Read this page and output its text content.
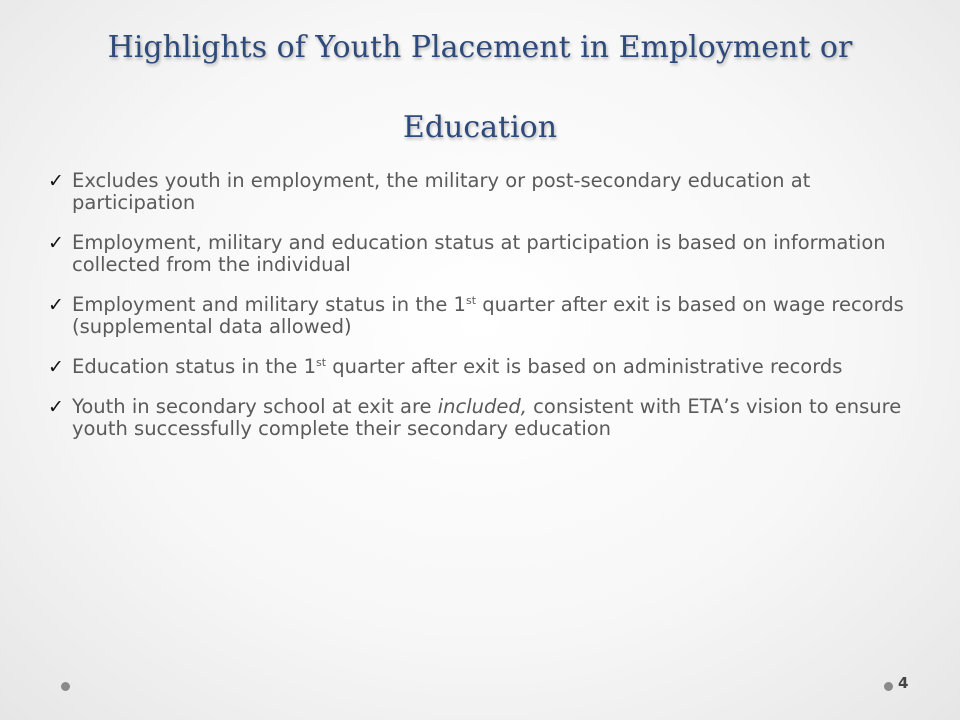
Highlights of Youth Placement in Employment or
Education
✓ Excludes youth in employment, the military or post-secondary education at participation
✓ Employment, military and education status at participation is based on information collected from the individual
✓ Employment and military status in the 1st quarter after exit is based on wage records (supplemental data allowed)
✓ Education status in the 1st quarter after exit is based on administrative records
✓ Youth in secondary school at exit are included, consistent with ETA’s vision to ensure youth successfully complete their secondary education
4
